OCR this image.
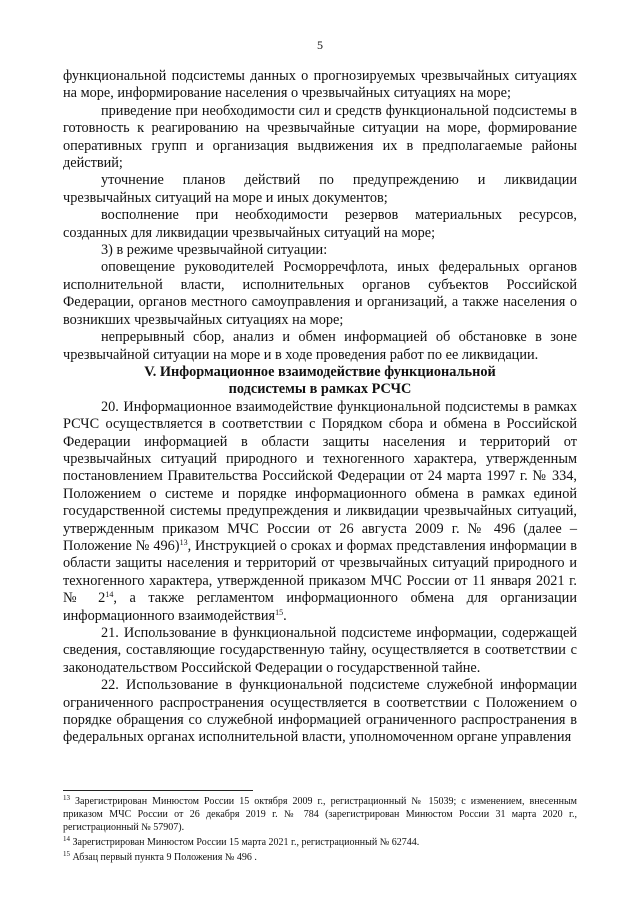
5

функциональной подсистемы данных о прогнозируемых чрезвычайных ситуациях на море, информирование населения о чрезвычайных ситуациях на море;

приведение при необходимости сил и средств функциональной подсистемы в готовность к реагированию на чрезвычайные ситуации на море, формирование оперативных групп и организация выдвижения их в предполагаемые районы действий;

уточнение планов действий по предупреждению и ликвидации чрезвычайных ситуаций на море и иных документов;

восполнение при необходимости резервов материальных ресурсов, созданных для ликвидации чрезвычайных ситуаций на море;

3) в режиме чрезвычайной ситуации:

оповещение руководителей Росморречфлота, иных федеральных органов исполнительной власти, исполнительных органов субъектов Российской Федерации, органов местного самоуправления и организаций, а также населения о возникших чрезвычайных ситуациях на море;

непрерывный сбор, анализ и обмен информацией об обстановке в зоне чрезвычайной ситуации на море и в ходе проведения работ по ее ликвидации.

V. Информационное взаимодействие функциональной
подсистемы в рамках РСЧС

20. Информационное взаимодействие функциональной подсистемы в рамках РСЧС осуществляется в соответствии с Порядком сбора и обмена в Российской Федерации информацией в области защиты населения и территорий от чрезвычайных ситуаций природного и техногенного характера, утвержденным постановлением Правительства Российской Федерации от 24 марта 1997 г. № 334, Положением о системе и порядке информационного обмена в рамках единой государственной системы предупреждения и ликвидации чрезвычайных ситуаций, утвержденным приказом МЧС России от 26 августа 2009 г. № 496 (далее – Положение № 496)$^{13}$, Инструкцией о сроках и формах представления информации в области защиты населения и территорий от чрезвычайных ситуаций природного и техногенного характера, утвержденной приказом МЧС России от 11 января 2021 г. № $2^{14}$, а также регламентом информационного обмена для организации информационного взаимодействия$^{15}$.

21. Использование в функциональной подсистеме информации, содержащей сведения, составляющие государственную тайну, осуществляется в соответствии с законодательством Российской Федерации о государственной тайне.

22. Использование в функциональной подсистеме служебной информации ограниченного распространения осуществляется в соответствии с Положением о порядке обращения со служебной информацией ограниченного распространения в федеральных органах исполнительной власти, уполномоченном органе управления

$^{13}$ Зарегистрирован Минюстом России 15 октября 2009 г., регистрационный № 15039; с изменением, внесенным приказом МЧС России от 26 декабря 2019 г. № 784 (зарегистрирован Минюстом России 31 марта 2020 г., регистрационный № 57907).

$^{14}$ Зарегистрирован Минюстом России 15 марта 2021 г., регистрационный № 62744.

$^{15}$ Абзац первый пункта 9 Положения № 496 .
